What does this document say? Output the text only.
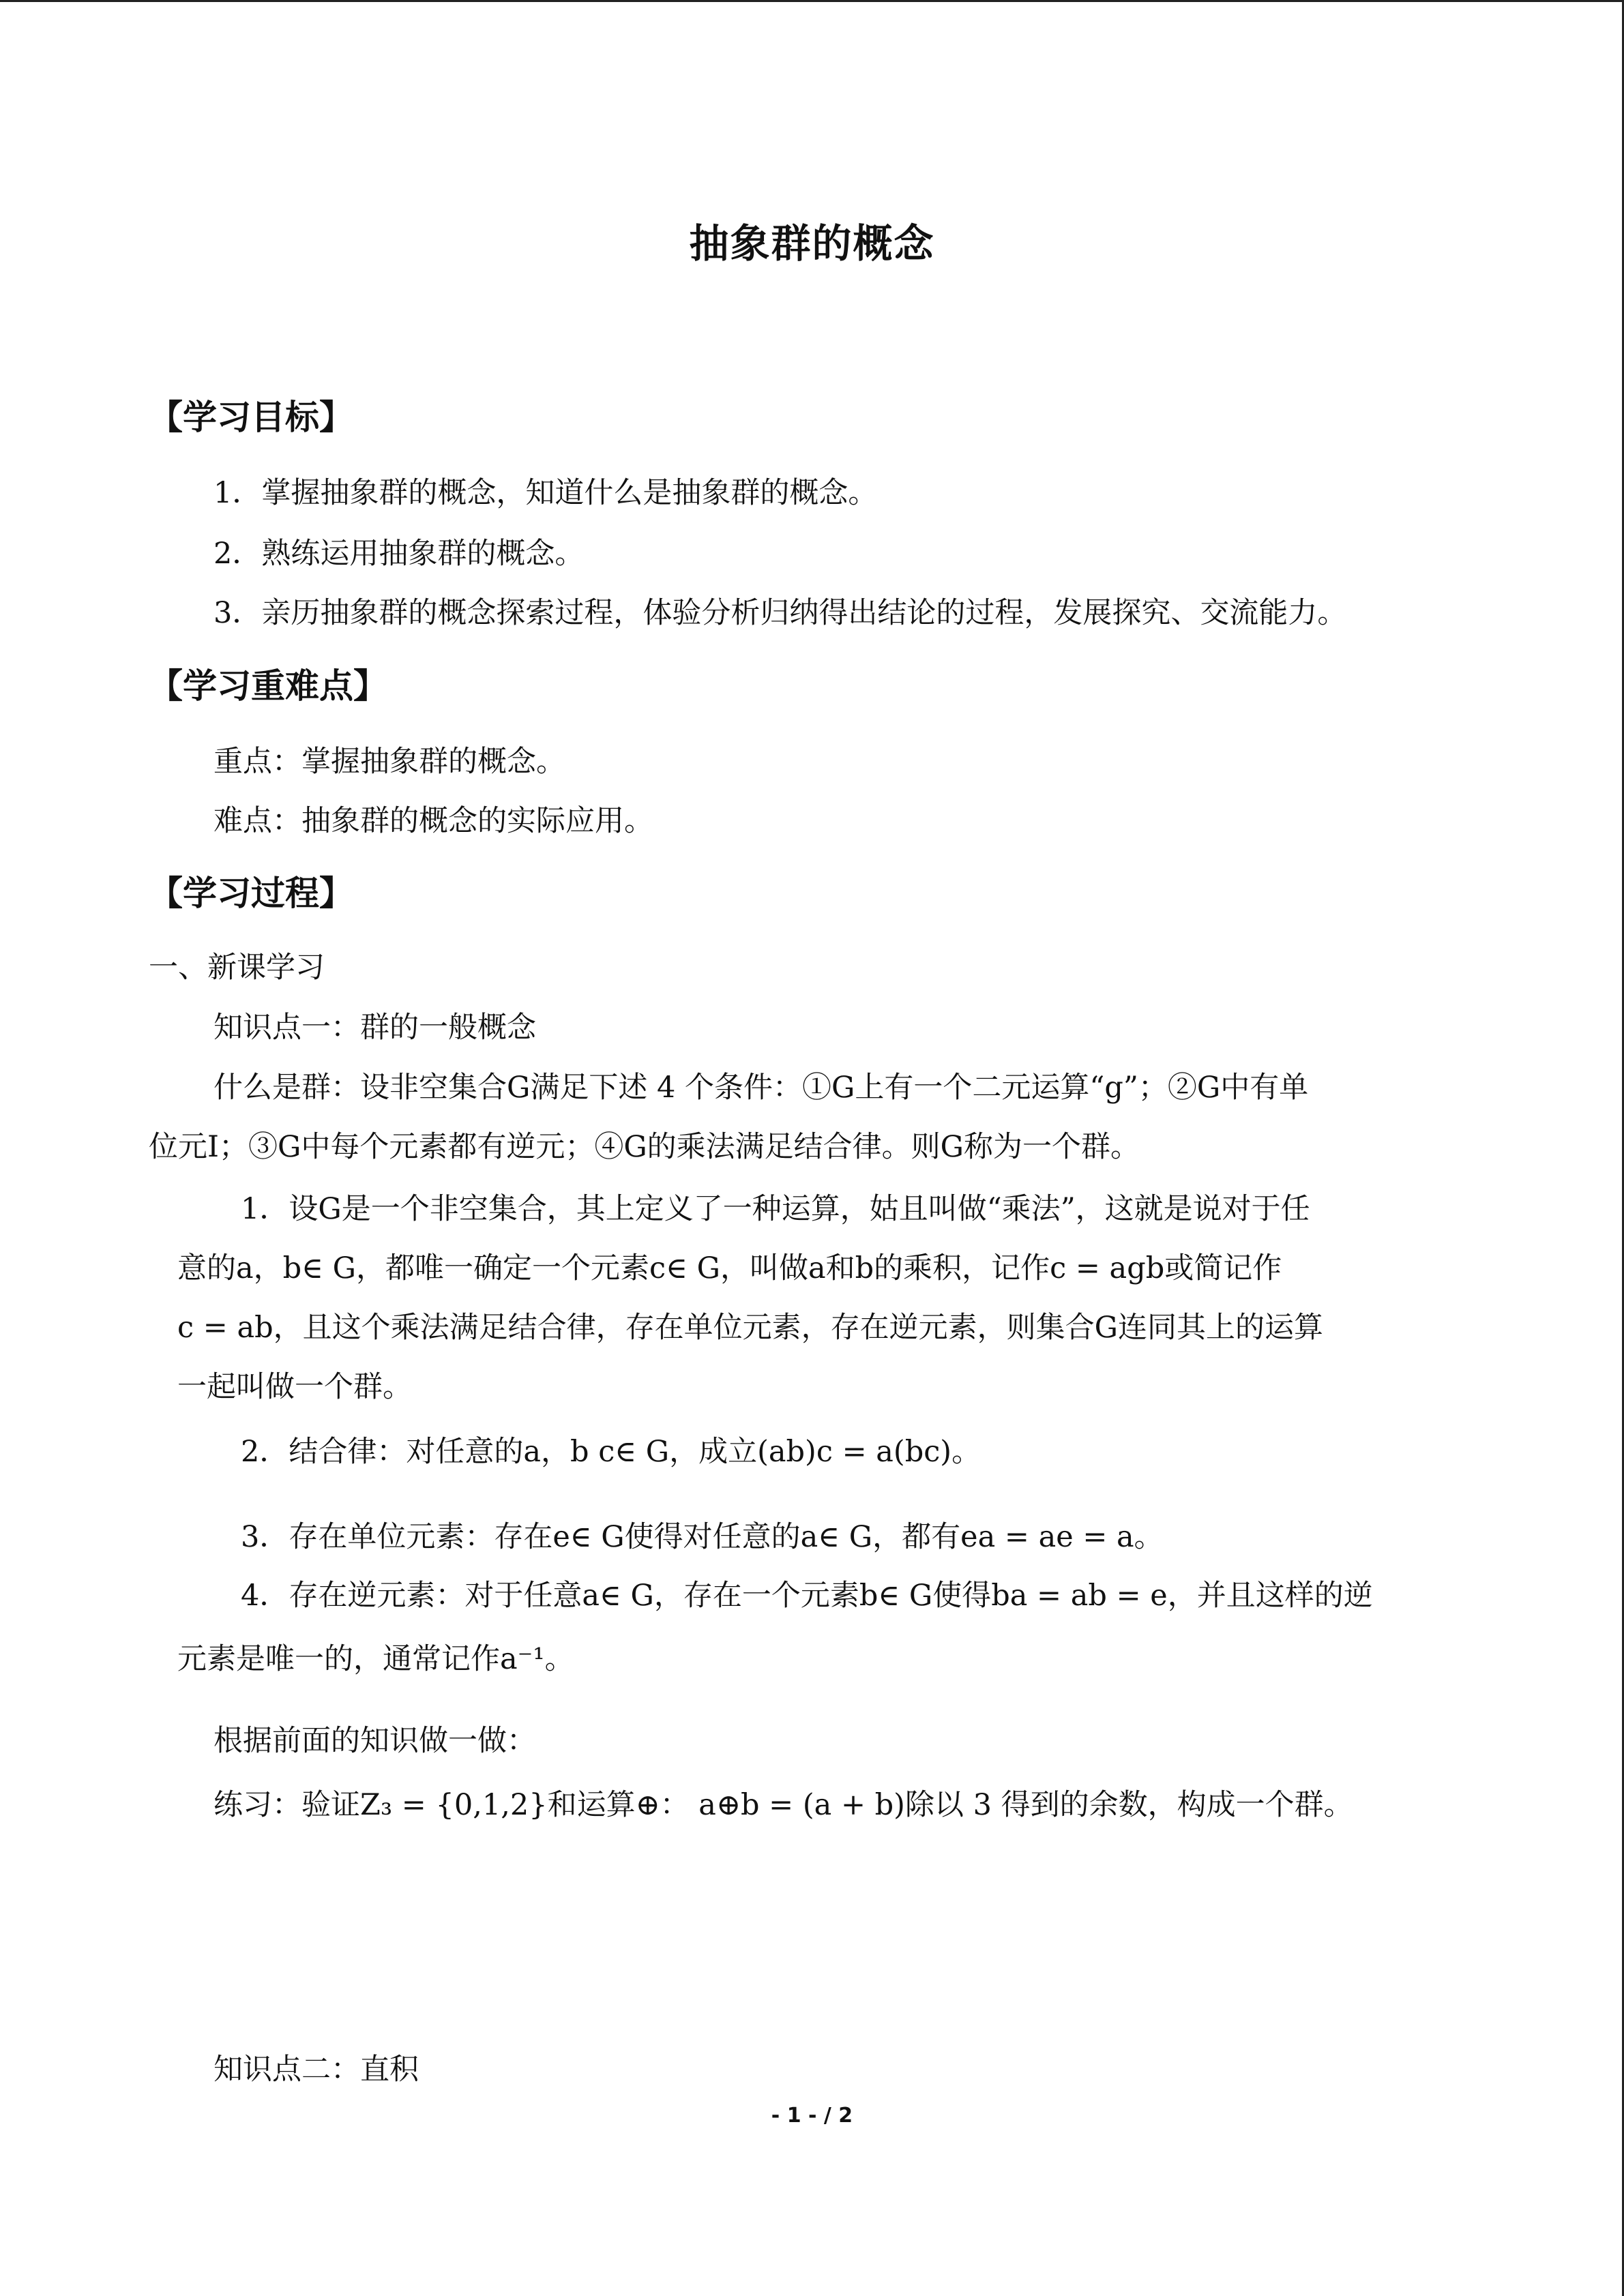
抽象群的概念
【学习目标】
1．掌握抽象群的概念，知道什么是抽象群的概念。
2．熟练运用抽象群的概念。
3．亲历抽象群的概念探索过程，体验分析归纳得出结论的过程，发展探究、交流能力。
【学习重难点】
重点：掌握抽象群的概念。
难点：抽象群的概念的实际应用。
【学习过程】
一、新课学习
知识点一：群的一般概念
什么是群：设非空集合G满足下述 4 个条件：①G上有一个二元运算“g”；②G中有单
位元I；③G中每个元素都有逆元；④G的乘法满足结合律。则G称为一个群。
1．设G是一个非空集合，其上定义了一种运算，姑且叫做“乘法”，这就是说对于任
意的a，b∈ G，都唯一确定一个元素c∈ G，叫做a和b的乘积，记作c = agb或简记作
c = ab，且这个乘法满足结合律，存在单位元素，存在逆元素，则集合G连同其上的运算
一起叫做一个群。
2．结合律：对任意的a，b c∈ G，成立(ab)c = a(bc)。
3．存在单位元素：存在e∈ G使得对任意的a∈ G，都有ea = ae = a。
4．存在逆元素：对于任意a∈ G，存在一个元素b∈ G使得ba = ab = e，并且这样的逆
元素是唯一的，通常记作a⁻¹。
根据前面的知识做一做：
练习：验证Z₃ = {0,1,2}和运算⊕： a⊕b = (a + b)除以 3 得到的余数，构成一个群。
知识点二：直积
- 1 - / 2
